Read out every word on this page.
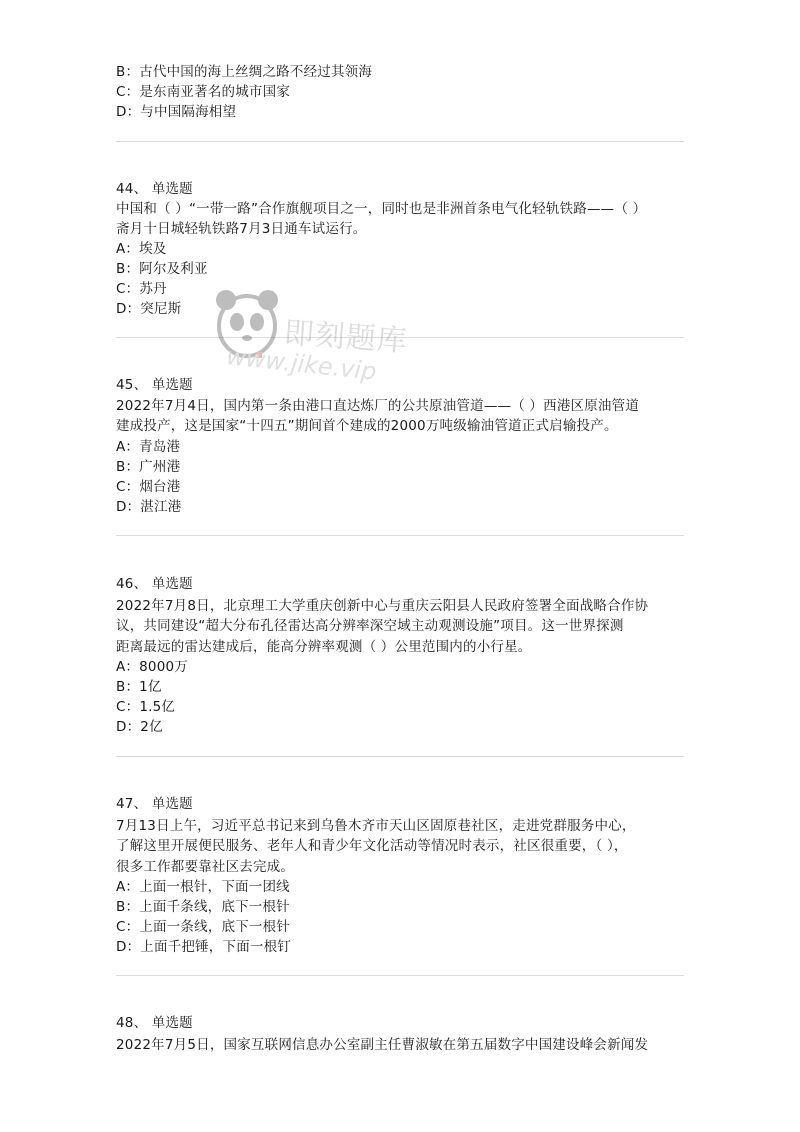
B：古代中国的海上丝绸之路不经过其领海
C：是东南亚著名的城市国家
D：与中国隔海相望
44、 单选题
中国和（ ）“一带一路”合作旗舰项目之一，同时也是非洲首条电气化轻轨铁路——（ ）
斋月十日城轻轨铁路7月3日通车试运行。
A：埃及
B：阿尔及利亚
C：苏丹
D：突尼斯
45、 单选题
2022年7月4日，国内第一条由港口直达炼厂的公共原油管道——（ ）西港区原油管道
建成投产，这是国家“十四五”期间首个建成的2000万吨级输油管道正式启输投产。
A：青岛港
B：广州港
C：烟台港
D：湛江港
46、 单选题
2022年7月8日，北京理工大学重庆创新中心与重庆云阳县人民政府签署全面战略合作协
议，共同建设“超大分布孔径雷达高分辨率深空域主动观测设施”项目。这一世界探测
距离最远的雷达建成后，能高分辨率观测（ ）公里范围内的小行星。
A：8000万
B：1亿
C：1.5亿
D：2亿
47、 单选题
7月13日上午，习近平总书记来到乌鲁木齐市天山区固原巷社区，走进党群服务中心，
了解这里开展便民服务、老年人和青少年文化活动等情况时表示，社区很重要，（ ），
很多工作都要靠社区去完成。
A：上面一根针，下面一团线
B：上面千条线，底下一根针
C：上面一条线，底下一根针
D：上面千把锤，下面一根钉
48、 单选题
2022年7月5日，国家互联网信息办公室副主任曹淑敏在第五届数字中国建设峰会新闻发
即刻题库
www.jike.vip
